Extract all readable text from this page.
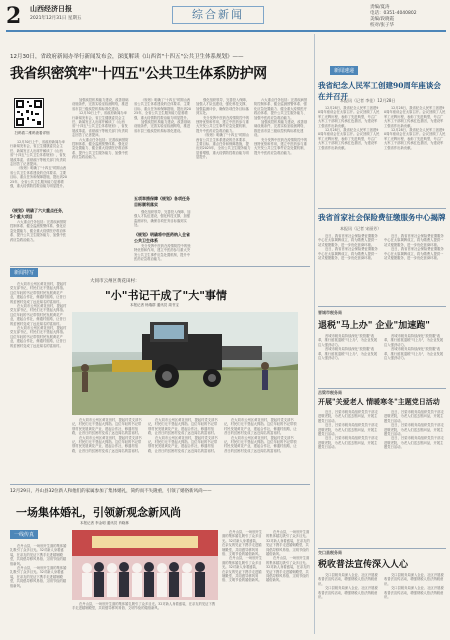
2 山西经济日报
2021年12月31日 星期五	综合新闻
责编/夏涛
电话：0351-4040802
美编/段晓霞
校对/张子华
12月30日，省政府新闻办举行新闻发布会，深度解读《山西省"十四五"公共卫生体系规划》——
我省织密筑牢"十四五"公共卫生体系防护网
扫码看二维码查看详细

12月30日上午，省政府新闻办举行新闻发布会，省卫生健康委员会主任、新闻发言人出席并解读了《山西省"十四五"公共卫生体系规划》，省发展改革委、省财政厅等相关部门负责同志回答了记者提问。

《规划》明确了"十四五"时期山西省公共卫生体系建设的总体要求、主要目标、重点任务和保障措施，提出到2025年，全省公共卫生服务能力显著增强，重大疫情防控救治能力明显提升。

《规划》明确了六大重点任务，5个重大项目

六大重点任务包括：完善疾病预防控制体系、健全监测预警体系、强化应急处置能力、健全重大疫情医疗救治体系、提升公共卫生服务能力、加强中医药应急救治能力。

加强疾控机构能力建设，改善基础设施条件，完善实验室检测网络，推进省市县三级疾控机构标准化建设。

12月30日上午，省政府新闻办举行新闻发布会，省卫生健康委员会主任、新闻发言人出席并解读了《山西省"十四五"公共卫生体系规划》，省发展改革委、省财政厅等相关部门负责同志回答了记者提问。

六大重点任务包括：完善疾病预防控制体系、健全监测预警体系、强化应急处置能力、健全重大疫情医疗救治体系、提升公共卫生服务能力、加强中医药应急救治能力。

《规划》明确了"十四五"时期山西省公共卫生体系建设的总体要求、主要目标、重点任务和保障措施，提出到2025年，全省公共卫生服务能力显著增强，重大疫情防控救治能力明显提升。

加强疾控机构能力建设，改善基础设施条件，完善实验室检测网络，推进省市县三级疾控机构标准化建设。

五项举措保障《规划》各项任务目标顺利落实

强化组织领导，完善投入保障，加强人才队伍建设，强化科技支撑，加强监测评价，确保各项任务目标落到实处。

《规划》明确将中医药纳入全省公共卫生体系

充分发挥中医药在疫情防控中的独特优势和作用，建立中医药参与重大突发公共卫生事件应急处置机制，提升中医药应急救治能力。

强化组织领导，完善投入保障，加强人才队伍建设，强化科技支撑，加强监测评价，确保各项任务目标落到实处。

充分发挥中医药在疫情防控中的独特优势和作用，建立中医药参与重大突发公共卫生事件应急处置机制，提升中医药应急救治能力。

《规划》明确了"十四五"时期山西省公共卫生体系建设的总体要求、主要目标、重点任务和保障措施，提出到2025年，全省公共卫生服务能力显著增强，重大疫情防控救治能力明显提升。

六大重点任务包括：完善疾病预防控制体系、健全监测预警体系、强化应急处置能力、健全重大疫情医疗救治体系、提升公共卫生服务能力、加强中医药应急救治能力。

加强疾控机构能力建设，改善基础设施条件，完善实验室检测网络，推进省市县三级疾控机构标准化建设。

充分发挥中医药在疫情防控中的独特优势和作用，建立中医药参与重大突发公共卫生事件应急处置机制，提升中医药应急救治能力。

新闻特写

在大同市云州区黄花田村，提起村党支部书记，村民们无不竖起大拇指。这位年轻的书记带领村民发展黄花产业，建起合作社，修通村组路，让昔日的贫困村变成了远近闻名的富裕村。

在大同市云州区黄花田村，提起村党支部书记，村民们无不竖起大拇指。这位年轻的书记带领村民发展黄花产业，建起合作社，修通村组路，让昔日的贫困村变成了远近闻名的富裕村。

在大同市云州区黄花田村，提起村党支部书记，村民们无不竖起大拇指。这位年轻的书记带领村民发展黄花产业，建起合作社，修通村组路，让昔日的贫困村变成了远近闻名的富裕村。

大同市云州区黄花田村：
"小"书记干成了"大"事情
本报记者 杨瑞群 通讯员 周书宝

在大同市云州区黄花田村，提起村党支部书记，村民们无不竖起大拇指。这位年轻的书记带领村民发展黄花产业，建起合作社，修通村组路，让昔日的贫困村变成了远近闻名的富裕村。

在大同市云州区黄花田村，提起村党支部书记，村民们无不竖起大拇指。这位年轻的书记带领村民发展黄花产业，建起合作社，修通村组路，让昔日的贫困村变成了远近闻名的富裕村。

在大同市云州区黄花田村，提起村党支部书记，村民们无不竖起大拇指。这位年轻的书记带领村民发展黄花产业，建起合作社，修通村组路，让昔日的贫困村变成了远近闻名的富裕村。

在大同市云州区黄花田村，提起村党支部书记，村民们无不竖起大拇指。这位年轻的书记带领村民发展黄花产业，建起合作社，修通村组路，让昔日的贫困村变成了远近闻名的富裕村。

在大同市云州区黄花田村，提起村党支部书记，村民们无不竖起大拇指。这位年轻的书记带领村民发展黄花产业，建起合作社，修通村组路，让昔日的贫困村变成了远近闻名的富裕村。

在大同市云州区黄花田村，提起村党支部书记，村民们无不竖起大拇指。这位年轻的书记带领村民发展黄花产业，建起合作社，修通村组路，让昔日的贫困村变成了远近闻名的富裕村。

12月29日，丹山县32位新人和他们的家属参加了集体婚礼，简约而不失隆重，引领了婚俗新风尚——
一场集体婚礼，引领新观念新风尚
本报记者 李金明 通讯员 肖晓林
一线传真

在丹山县，一场别开生面的集体婚礼吸引了众多目光。32对新人身着盛装，在亲友的见证下携手走进婚姻殿堂，共同倡导移风易俗、文明节俭的婚俗新风。

在丹山县，一场别开生面的集体婚礼吸引了众多目光。32对新人身着盛装，在亲友的见证下携手走进婚姻殿堂，共同倡导移风易俗、文明节俭的婚俗新风。

在丹山县，一场别开生面的集体婚礼吸引了众多目光。32对新人身着盛装，在亲友的见证下携手走进婚姻殿堂，共同倡导移风易俗、文明节俭的婚俗新风。

在丹山县，一场别开生面的集体婚礼吸引了众多目光。32对新人身着盛装，在亲友的见证下携手走进婚姻殿堂，共同倡导移风易俗、文明节俭的婚俗新风。

在丹山县，一场别开生面的集体婚礼吸引了众多目光。32对新人身着盛装，在亲友的见证下携手走进婚姻殿堂，共同倡导移风易俗、文明节俭的婚俗新风。

在丹山县，一场别开生面的集体婚礼吸引了众多目光。32对新人身着盛装，在亲友的见证下携手走进婚姻殿堂，共同倡导移风易俗、文明节俭的婚俗新风。

在丹山县，一场别开生面的集体婚礼吸引了众多目光。32对新人身着盛装，在亲友的见证下携手走进婚姻殿堂，共同倡导移风易俗、文明节俭的婚俗新风。

新闻速递
我省纪念人民军工创建90周年座谈会在并召开
本报讯（记者 李佳）12月28日

12月28日，我省纪念人民军工创建90周年座谈会在太原召开。会议回顾了人民军工光辉历程，表彰了先进典型，号召广大军工干部职工传承红色基因，为建设军工强省作出新贡献。

12月28日，我省纪念人民军工创建90周年座谈会在太原召开。会议回顾了人民军工光辉历程，表彰了先进典型，号召广大军工干部职工传承红色基因，为建设军工强省作出新贡献。

12月28日，我省纪念人民军工创建90周年座谈会在太原召开。会议回顾了人民军工光辉历程，表彰了先进典型，号召广大军工干部职工传承红色基因，为建设军工强省作出新贡献。

12月28日，我省纪念人民军工创建90周年座谈会在太原召开。会议回顾了人民军工光辉历程，表彰了先进典型，号召广大军工干部职工传承红色基因，为建设军工强省作出新贡献。

我省首家社会保险费征缴服务中心揭牌
本报讯（记者 宋丽芳）

近日，我省首家社会保险费征缴服务中心在太原揭牌成立，将为缴费人提供一站式便捷服务，进一步优化营商环境。

近日，我省首家社会保险费征缴服务中心在太原揭牌成立，将为缴费人提供一站式便捷服务，进一步优化营商环境。

近日，我省首家社会保险费征缴服务中心在太原揭牌成立，将为缴费人提供一站式便捷服务，进一步优化营商环境。

近日，我省首家社会保险费征缴服务中心在太原揭牌成立，将为缴费人提供一站式便捷服务，进一步优化营商环境。

晋城市税务局
退税"马上办" 企业"加速跑"

晋城市税务局持续深化"放管服"改革，推行留抵退税"马上办"，为企业发展注入强劲动力。

晋城市税务局持续深化"放管服"改革，推行留抵退税"马上办"，为企业发展注入强劲动力。

晋城市税务局持续深化"放管服"改革，推行留抵退税"马上办"，为企业发展注入强劲动力。

晋城市税务局持续深化"放管服"改革，推行留抵退税"马上办"，为企业发展注入强劲动力。

吕梁市税务局
开展"关爱老人 情暖寒冬"主题党日活动

近日，吕梁市税务局组织党员干部走进敬老院，为老人们送去慰问品，开展主题党日活动。

近日，吕梁市税务局组织党员干部走进敬老院，为老人们送去慰问品，开展主题党日活动。

近日，吕梁市税务局组织党员干部走进敬老院，为老人们送去慰问品，开展主题党日活动。

近日，吕梁市税务局组织党员干部走进敬老院，为老人们送去慰问品，开展主题党日活动。

近日，吕梁市税务局组织党员干部走进敬老院，为老人们送去慰问品，开展主题党日活动。

近日，吕梁市税务局组织党员干部走进敬老院，为老人们送去慰问品，开展主题党日活动。

交口县税务局
税收普法宣传深入人心

交口县税务局深入企业、社区开展税收普法宣传活动，增强纳税人依法纳税意识。

交口县税务局深入企业、社区开展税收普法宣传活动，增强纳税人依法纳税意识。

交口县税务局深入企业、社区开展税收普法宣传活动，增强纳税人依法纳税意识。

交口县税务局深入企业、社区开展税收普法宣传活动，增强纳税人依法纳税意识。
